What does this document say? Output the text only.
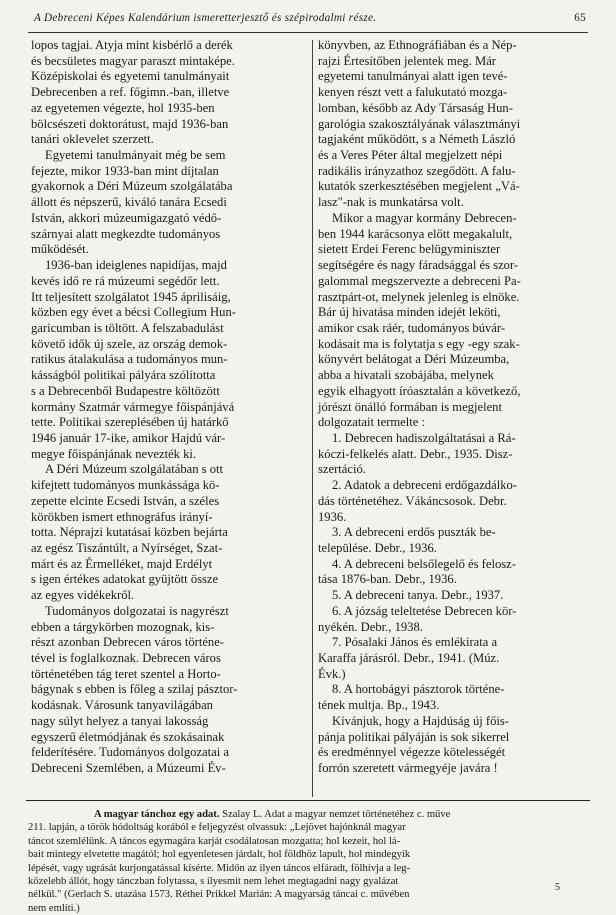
A Debreceni Képes Kalendárium ismeretterjesztő és szépirodalmi része.	65
lopos tagjai. Atyja mint kisbérlő a derék
és becsületes magyar paraszt mintaképe.
Középiskolai és egyetemi tanulmányait
Debrecenben a ref. főgimn.-ban, illetve
az egyetemen végezte, hol 1935-ben
bölcsészeti doktorátust, majd 1936-ban
tanári oklevelet szerzett.
Egyetemi tanulmányait még be sem
fejezte, mikor 1933-ban mint díjtalan
gyakornok a Déri Múzeum szolgálatába
állott és népszerű, kiváló tanára Ecsedi
István, akkori múzeumigazgató védő-
szárnyai alatt megkezdte tudományos
működését.
1936-ban ideiglenes napidíjas, majd
kevés idő re rá múzeumi segédőr lett.
Itt teljesített szolgálatot 1945 áprilisáig,
közben egy évet a bécsi Collegium Hun-
garicumban is töltött. A felszabadulást
követő idők új szele, az ország demok-
ratikus átalakulása a tudományos mun-
kásságból politikai pályára szólította
s a Debrecenből Budapestre költözött
kormány Szatmár vármegye főispánjává
tette. Politikai szereplésében új határkő
1946 január 17-ike, amikor Hajdú vár-
megye főispánjának nevezték ki.
A Déri Múzeum szolgálatában s ott
kifejtett tudományos munkássága kö-
zepette elcinte Ecsedi István, a széles
körökben ismert ethnográfus irányí-
totta. Néprajzi kutatásai közben bejárta
az egész Tiszántúlt, a Nyírséget, Szat-
márt és az Érmelléket, majd Erdélyt
s igen értékes adatokat gyüjtött össze
az egyes vidékekről.
Tudományos dolgozatai is nagyrészt
ebben a tárgykörben mozognak, kis-
részt azonban Debrecen város történe-
tével is foglalkoznak. Debrecen város
történetében tág teret szentel a Horto-
bágynak s ebben is főleg a szilaj pásztor-
kodásnak. Városunk tanyavilágában
nagy súlyt helyez a tanyai lakosság
egyszerű életmódjának és szokásainak
felderítésére. Tudományos dolgozatai a
Debreceni Szemlében, a Múzeumi Év-
könyvben, az Ethnográfiában és a Nép-
rajzi Értesítőben jelentek meg. Már
egyetemi tanulmányai alatt igen tevé-
kenyen részt vett a falukutató mozga-
lomban, később az Ady Társaság Hun-
garológia szakosztályának választmányi
tagjaként működött, s a Németh László
és a Veres Péter által megjelzett népi
radikális irányzathoz szegődött. A falu-
kutatók szerkesztésében megjelent „Vá-
lasz"-nak is munkatársa volt.
Mikor a magyar kormány Debrecen-
ben 1944 karácsonya előtt megakalult,
sietett Erdei Ferenc belügyminiszter
segítségére és nagy fáradsággal és szor-
galommal megszervezte a debreceni Pa-
rasztpárt-ot, melynek jelenleg is elnöke.
Bár új hivatása minden idejét leköti,
amikor csak ráér, tudományos búvár-
kodásait ma is folytatja s egy -egy szak-
könyvért belátogat a Déri Múzeumba,
abba a hivatali szobájába, melynek
egyik elhagyott íróasztalán a következő,
jórészt önálló formában is megjelent
dolgozatait termelte :
1. Debrecen hadiszolgáltatásai a Rá-
kóczi-felkelés alatt. Debr., 1935. Disz-
szertáció.
2. Adatok a debreceni erdőgazdálko-
dás történetéhez. Vákáncsosok. Debr.
1936.
3. A debreceni erdős puszták be-
települése. Debr., 1936.
4. A debreceni belsőlegelő és felosz-
tása 1876-ban. Debr., 1936.
5. A debreceni tanya. Debr., 1937.
6. A józság teleltetése Debrecen kör-
nyékén. Debr., 1938.
7. Pósalaki János és emlékirata a
Karaffa járásról. Debr., 1941. (Múz.
Évk.)
8. A hortobágyi pásztorok történe-
tének multja. Bp., 1943.
Kívánjuk, hogy a Hajdúság új főis-
pánja politikai pályáján is sok sikerrel
és eredménnyel végezze kötelességét
forrón szeretett vármegyéje javára !
A magyar tánchoz egy adat. Szalay L. Adat a magyar nemzet történetéhez c. műve
211. lapján, a török hódoltság korából e feljegyzést olvassuk: „Lejövet hajónknál magyar
táncot szemlélünk. A táncos egymagára karját csodálatosan mozgatta; hol kezeit, hol lá-
bait mintegy elvetette magától; hol egyenletesen járdalt, hol földhöz lapult, hol mindegyik
lépését, vagy ugrását kurjongatással kísérte. Midőn az ilyen táncos elfáradt, fölhívja a leg-
közelebb állót, hogy tánczban folytassa, s ilyesmit nem lehet megtagadni nagy gyalázat
nélkül." (Gerlach S. utazása 1573. Réthei Prikkel Marián: A magyarság táncai c. művében
nem említi.)
5
